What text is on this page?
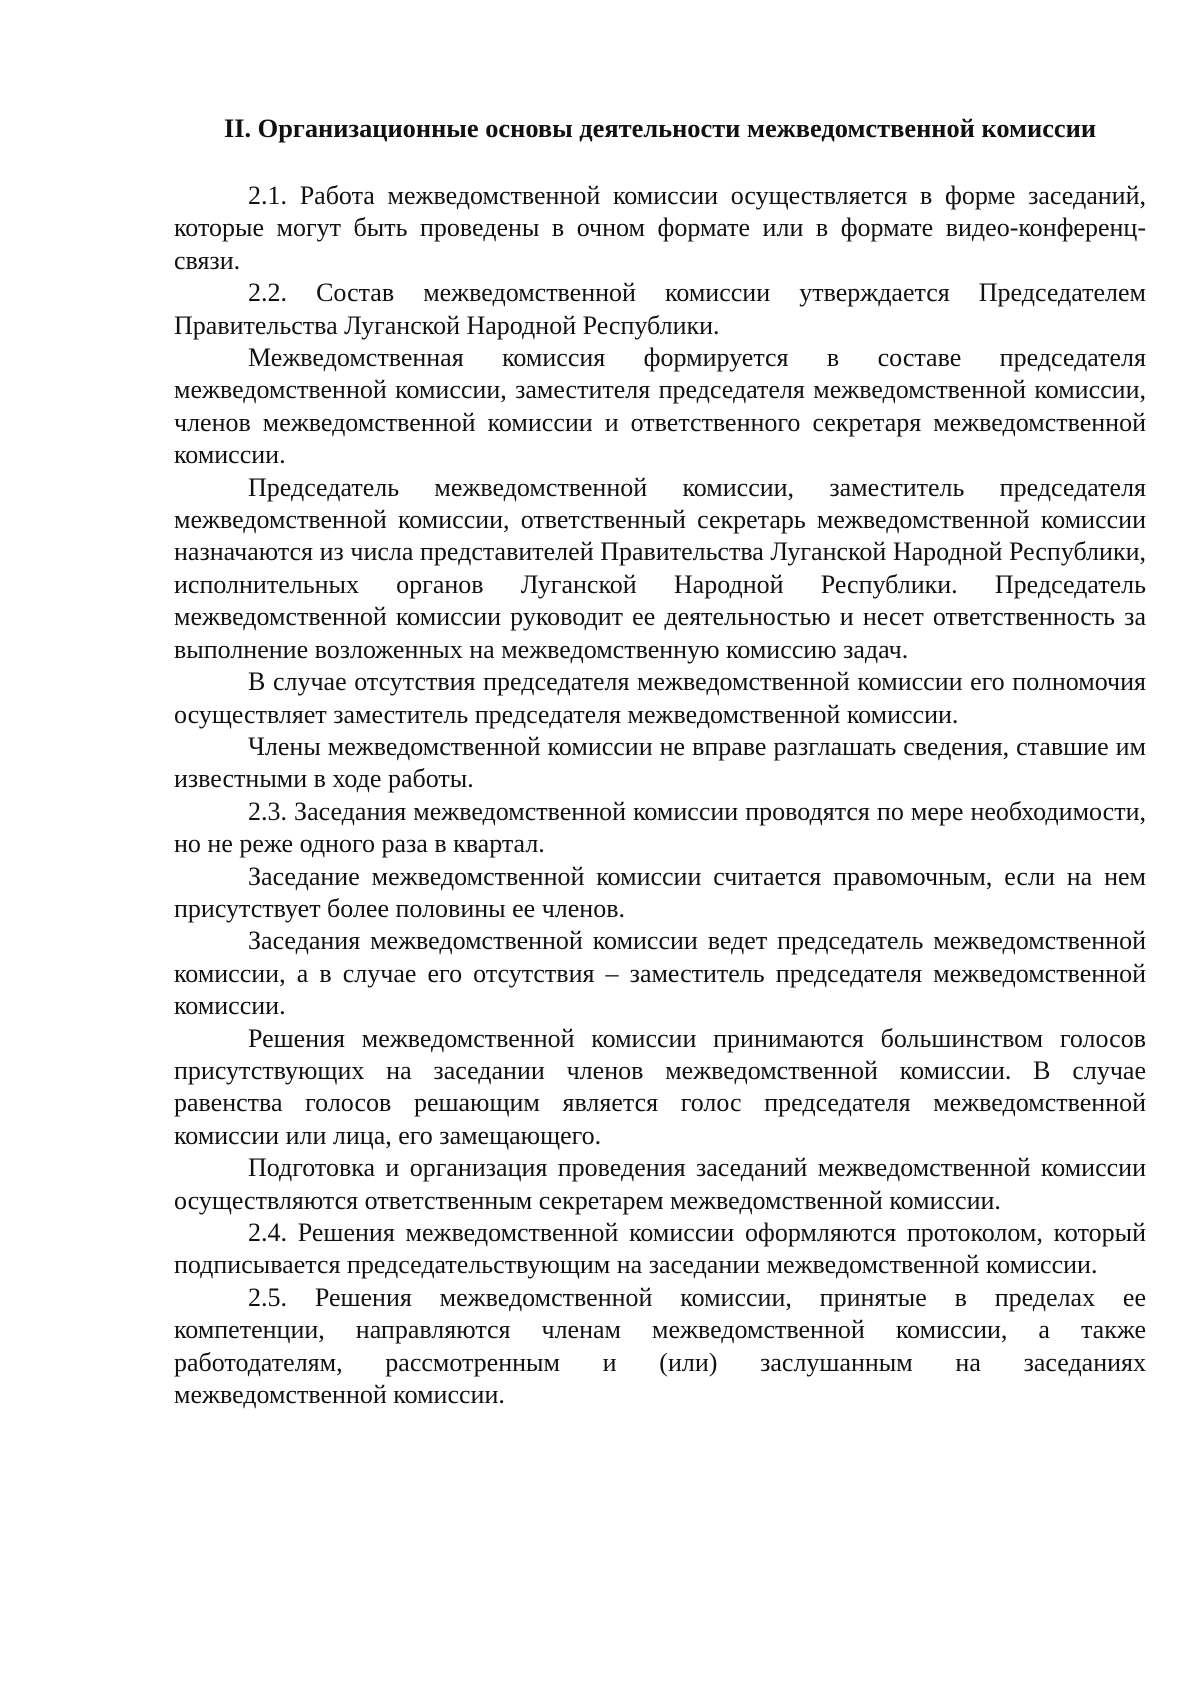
II. Организационные основы деятельности межведомственной комиссии

2.1. Работа межведомственной комиссии осуществляется в форме заседаний, которые могут быть проведены в очном формате или в формате видео-конференц-связи.

2.2. Состав межведомственной комиссии утверждается Председателем Правительства Луганской Народной Республики.

Межведомственная комиссия формируется в составе председателя межведомственной комиссии, заместителя председателя межведомственной комиссии, членов межведомственной комиссии и ответственного секретаря межведомственной комиссии.

Председатель межведомственной комиссии, заместитель председателя межведомственной комиссии, ответственный секретарь межведомственной комиссии назначаются из числа представителей Правительства Луганской Народной Республики, исполнительных органов Луганской Народной Республики. Председатель межведомственной комиссии руководит ее деятельностью и несет ответственность за выполнение возложенных на межведомственную комиссию задач.

В случае отсутствия председателя межведомственной комиссии его полномочия осуществляет заместитель председателя межведомственной комиссии.

Члены межведомственной комиссии не вправе разглашать сведения, ставшие им известными в ходе работы.

2.3. Заседания межведомственной комиссии проводятся по мере необходимости, но не реже одного раза в квартал.

Заседание межведомственной комиссии считается правомочным, если на нем присутствует более половины ее членов.

Заседания межведомственной комиссии ведет председатель межведомственной комиссии, а в случае его отсутствия – заместитель председателя межведомственной комиссии.

Решения межведомственной комиссии принимаются большинством голосов присутствующих на заседании членов межведомственной комиссии. В случае равенства голосов решающим является голос председателя межведомственной комиссии или лица, его замещающего.

Подготовка и организация проведения заседаний межведомственной комиссии осуществляются ответственным секретарем межведомственной комиссии.

2.4. Решения межведомственной комиссии оформляются протоколом, который подписывается председательствующим на заседании межведомственной комиссии.

2.5. Решения межведомственной комиссии, принятые в пределах ее компетенции, направляются членам межведомственной комиссии, а также работодателям, рассмотренным и (или) заслушанным на заседаниях межведомственной комиссии.
